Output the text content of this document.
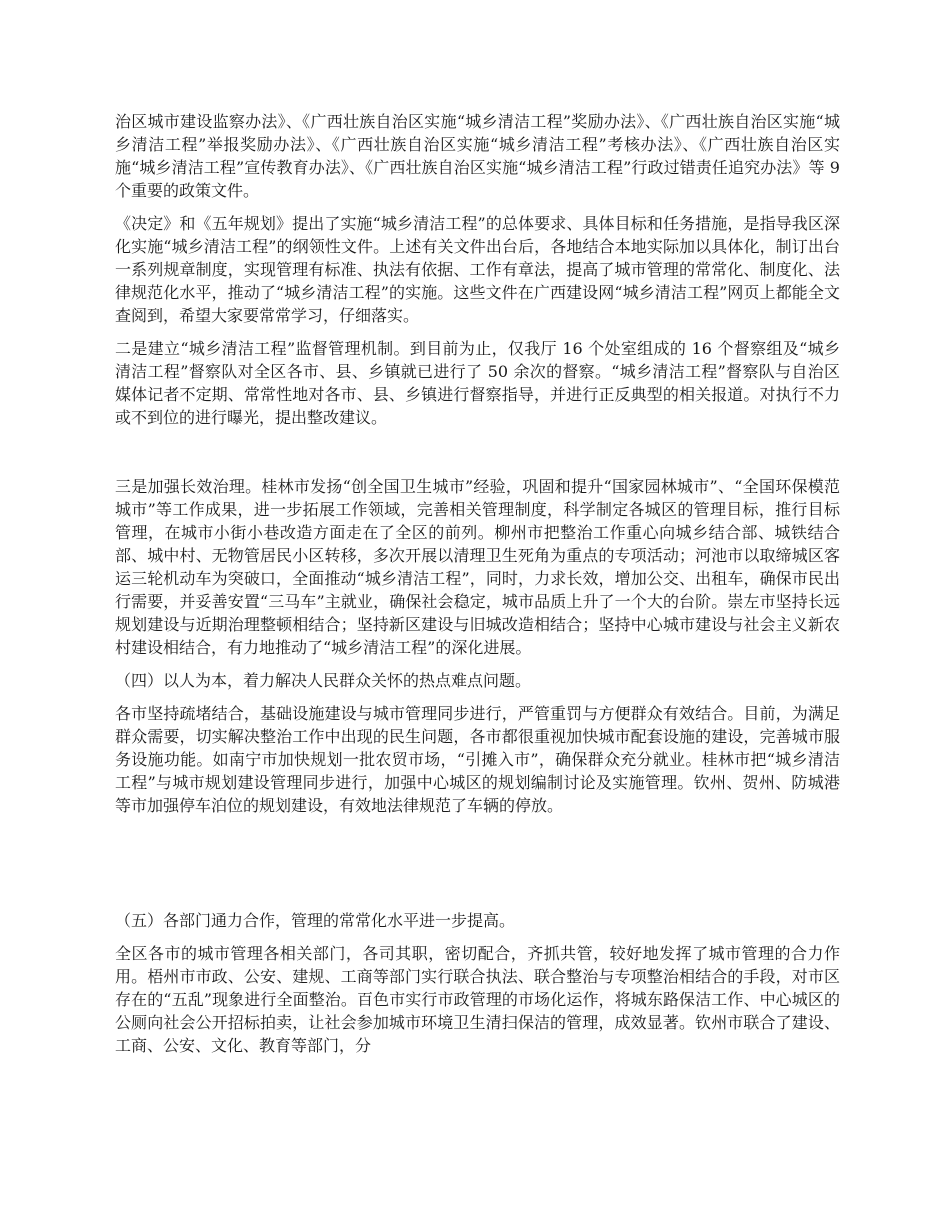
治区城市建设监察办法》、《广西壮族自治区实施“城乡清洁工程”奖励办法》、《广西壮族自治区实施“城乡清洁工程”举报奖励办法》、《广西壮族自治区实施“城乡清洁工程”考核办法》、《广西壮族自治区实施“城乡清洁工程”宣传教育办法》、《广西壮族自治区实施“城乡清洁工程”行政过错责任追究办法》等 9 个重要的政策文件。

《决定》和《五年规划》提出了实施“城乡清洁工程”的总体要求、具体目标和任务措施，是指导我区深化实施“城乡清洁工程”的纲领性文件。上述有关文件出台后，各地结合本地实际加以具体化，制订出台一系列规章制度，实现管理有标准、执法有依据、工作有章法，提高了城市管理的常常化、制度化、法律规范化水平，推动了“城乡清洁工程”的实施。这些文件在广西建设网“城乡清洁工程”网页上都能全文查阅到，希望大家要常常学习，仔细落实。

二是建立“城乡清洁工程”监督管理机制。到目前为止，仅我厅 16 个处室组成的 16 个督察组及“城乡清洁工程”督察队对全区各市、县、乡镇就已进行了 50 余次的督察。“城乡清洁工程”督察队与自治区媒体记者不定期、常常性地对各市、县、乡镇进行督察指导，并进行正反典型的相关报道。对执行不力或不到位的进行曝光，提出整改建议。

三是加强长效治理。桂林市发扬“创全国卫生城市”经验，巩固和提升“国家园林城市”、“全国环保模范城市”等工作成果，进一步拓展工作领域，完善相关管理制度，科学制定各城区的管理目标，推行目标管理，在城市小街小巷改造方面走在了全区的前列。柳州市把整治工作重心向城乡结合部、城铁结合部、城中村、无物管居民小区转移，多次开展以清理卫生死角为重点的专项活动；河池市以取缔城区客运三轮机动车为突破口，全面推动“城乡清洁工程”，同时，力求长效，增加公交、出租车，确保市民出行需要，并妥善安置“三马车”主就业，确保社会稳定，城市品质上升了一个大的台阶。崇左市坚持长远规划建设与近期治理整顿相结合；坚持新区建设与旧城改造相结合；坚持中心城市建设与社会主义新农村建设相结合，有力地推动了“城乡清洁工程”的深化进展。

（四）以人为本，着力解决人民群众关怀的热点难点问题。

各市坚持疏堵结合，基础设施建设与城市管理同步进行，严管重罚与方便群众有效结合。目前，为满足群众需要，切实解决整治工作中出现的民生问题，各市都很重视加快城市配套设施的建设，完善城市服务设施功能。如南宁市加快规划一批农贸市场，“引摊入市”，确保群众充分就业。桂林市把“城乡清洁工程”与城市规划建设管理同步进行，加强中心城区的规划编制讨论及实施管理。钦州、贺州、防城港等市加强停车泊位的规划建设，有效地法律规范了车辆的停放。

（五）各部门通力合作，管理的常常化水平进一步提高。

全区各市的城市管理各相关部门，各司其职，密切配合，齐抓共管，较好地发挥了城市管理的合力作用。梧州市市政、公安、建规、工商等部门实行联合执法、联合整治与专项整治相结合的手段，对市区存在的“五乱”现象进行全面整治。百色市实行市政管理的市场化运作，将城东路保洁工作、中心城区的公厕向社会公开招标拍卖，让社会参加城市环境卫生清扫保洁的管理，成效显著。钦州市联合了建设、工商、公安、文化、教育等部门，分
